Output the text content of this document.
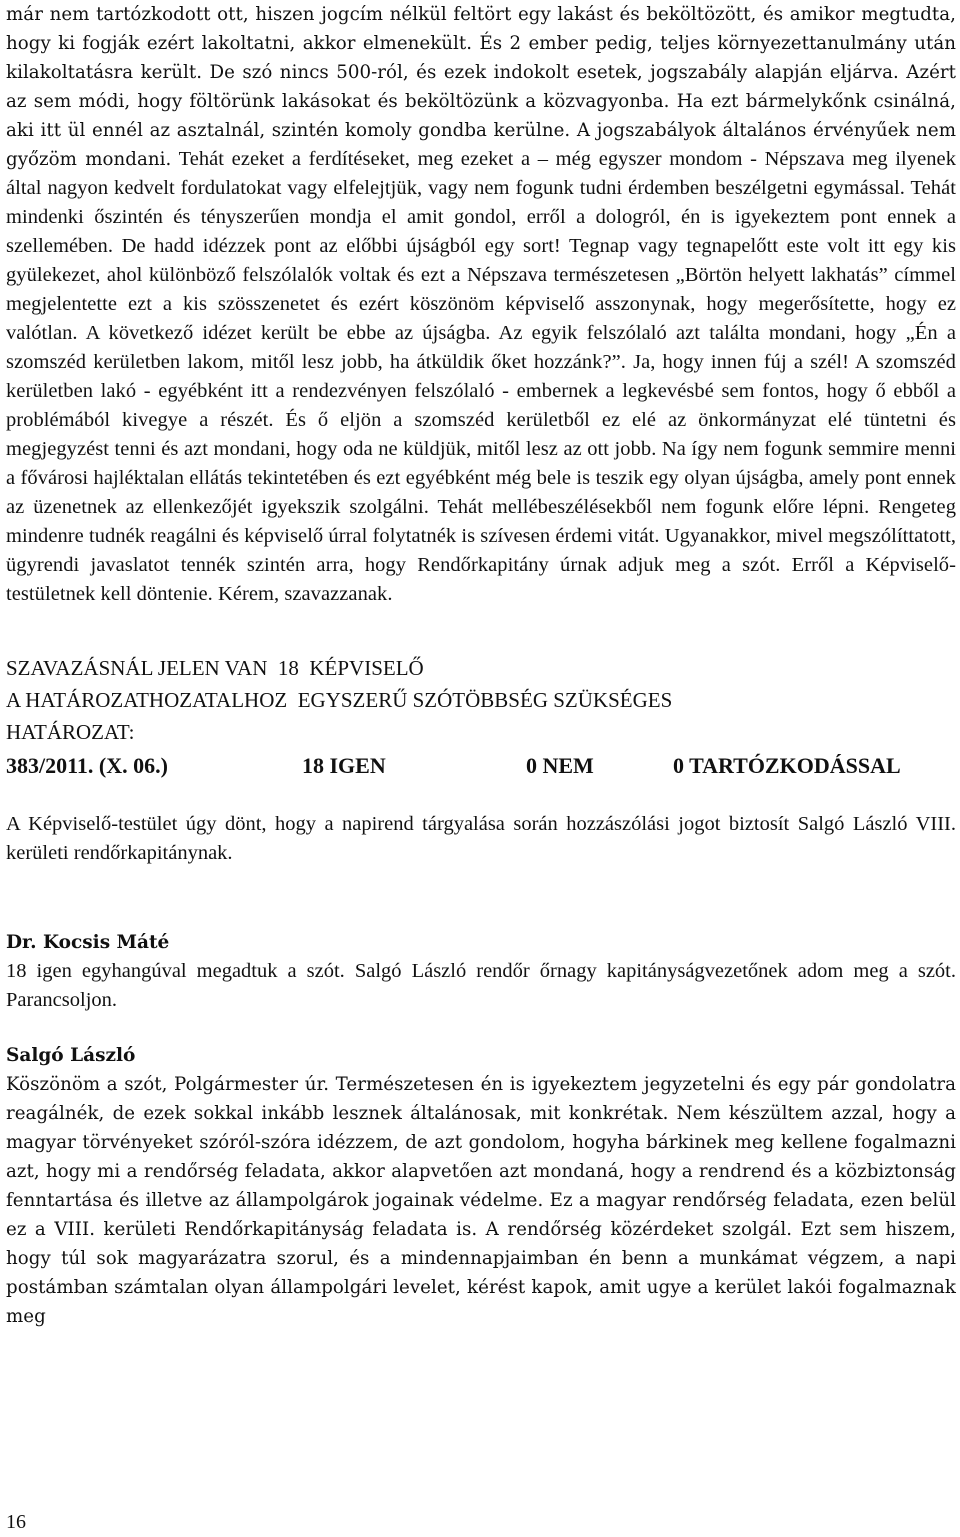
már nem tartózkodott ott, hiszen jogcím nélkül feltört egy lakást és beköltözött, és amikor megtudta, hogy ki fogják ezért lakoltatni, akkor elmenekült. És 2 ember pedig, teljes környezettanulmány után kilakoltatásra került. De szó nincs 500-ról, és ezek indokolt esetek, jogszabály alapján eljárva. Azért az sem módi, hogy föltörünk lakásokat és beköltözünk a közvagyonba. Ha ezt bármelykőnk csinálná, aki itt ül ennél az asztalnál, szintén komoly gondba kerülne. A jogszabályok általános érvényűek nem győzöm mondani. Tehát ezeket a ferdítéseket, meg ezeket a – még egyszer mondom - Népszava meg ilyenek által nagyon kedvelt fordulatokat vagy elfelejtjük, vagy nem fogunk tudni érdemben beszélgetni egymással. Tehát mindenki őszintén és tényszerűen mondja el amit gondol, erről a dologról, én is igyekeztem pont ennek a szellemében. De hadd idézzek pont az előbbi újságból egy sort! Tegnap vagy tegnapelőtt este volt itt egy kis gyülekezet, ahol különböző felszólalók voltak és ezt a Népszava természetesen „Börtön helyett lakhatás” címmel megjelentette ezt a kis szösszenetet és ezért köszönöm képviselő asszonynak, hogy megerősítette, hogy ez valótlan. A következő idézet került be ebbe az újságba. Az egyik felszólaló azt találta mondani, hogy „Én a szomszéd kerületben lakom, mitől lesz jobb, ha átküldik őket hozzánk?”. Ja, hogy innen fúj a szél! A szomszéd kerületben lakó - egyébként itt a rendezvényen felszólaló - embernek a legkevésbé sem fontos, hogy ő ebből a problémából kivegye a részét. És ő eljön a szomszéd kerületből ez elé az önkormányzat elé tüntetni és megjegyzést tenni és azt mondani, hogy oda ne küldjük, mitől lesz az ott jobb. Na így nem fogunk semmire menni a fővárosi hajléktalan ellátás tekintetében és ezt egyébként még bele is teszik egy olyan újságba, amely pont ennek az üzenetnek az ellenkezőjét igyekszik szolgálni. Tehát mellébeszélésekből nem fogunk előre lépni. Rengeteg mindenre tudnék reagálni és képviselő úrral folytatnék is szívesen érdemi vitát. Ugyanakkor, mivel megszólíttatott, ügyrendi javaslatot tennék szintén arra, hogy Rendőrkapitány úrnak adjuk meg a szót. Erről a Képviselő-testületnek kell döntenie. Kérem, szavazzanak.

SZAVAZÁSNÁL JELEN VAN  18  KÉPVISELŐ

A HATÁROZATHOZATALHOZ  EGYSZERŰ SZÓTÖBBSÉG SZÜKSÉGES

HATÁROZAT:

383/2011. (X. 06.)	18 IGEN	0 NEM	0 TARTÓZKODÁSSAL

A Képviselő-testület úgy dönt, hogy a napirend tárgyalása során hozzászólási jogot biztosít Salgó László VIII. kerületi rendőrkapitánynak.

Dr. Kocsis Máté

18 igen egyhangúval megadtuk a szót. Salgó László rendőr őrnagy kapitányságvezetőnek adom meg a szót. Parancsoljon.

Salgó László

Köszönöm a szót, Polgármester úr. Természetesen én is igyekeztem jegyzetelni és egy pár gondolatra reagálnék, de ezek sokkal inkább lesznek általánosak, mit konkrétak. Nem készültem azzal, hogy a magyar törvényeket szóról-szóra idézzem, de azt gondolom, hogyha bárkinek meg kellene fogalmazni azt, hogy mi a rendőrség feladata, akkor alapvetően azt mondaná, hogy a rendrend és a közbiztonság fenntartása és illetve az állampolgárok jogainak védelme. Ez a magyar rendőrség feladata, ezen belül ez a VIII. kerületi Rendőrkapitányság feladata is. A rendőrség közérdeket szolgál. Ezt sem hiszem, hogy túl sok magyarázatra szorul, és a mindennapjaimban én benn a munkámat végzem, a napi postámban számtalan olyan állampolgári levelet, kérést kapok, amit ugye a kerület lakói fogalmaznak meg

16
